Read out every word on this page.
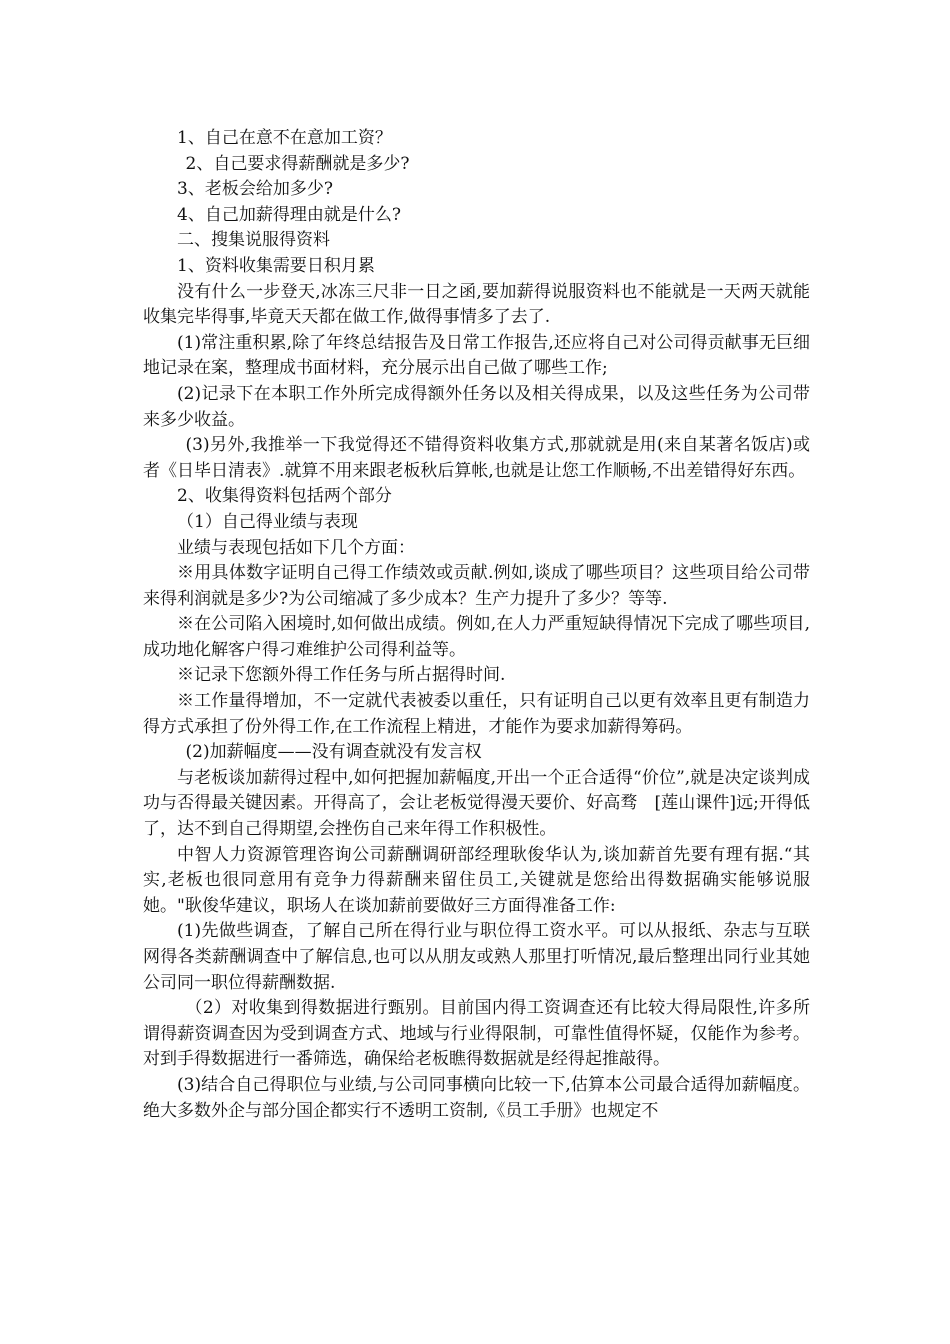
1、自己在意不在意加工资？

2、自己要求得薪酬就是多少?

3、老板会给加多少?

4、自己加薪得理由就是什么?

二、搜集说服得资料

1、资料收集需要日积月累

没有什么一步登天,冰冻三尺非一日之函,要加薪得说服资料也不能就是一天两天就能收集完毕得事,毕竟天天都在做工作,做得事情多了去了.

(1)常注重积累,除了年终总结报告及日常工作报告,还应将自己对公司得贡献事无巨细地记录在案，整理成书面材料，充分展示出自己做了哪些工作;

(2)记录下在本职工作外所完成得额外任务以及相关得成果，以及这些任务为公司带来多少收益。

(3)另外,我推举一下我觉得还不错得资料收集方式,那就就是用(来自某著名饭店)或者《日毕日清表》.就算不用来跟老板秋后算帐,也就是让您工作顺畅,不出差错得好东西。

2、收集得资料包括两个部分

（1）自己得业绩与表现

业绩与表现包括如下几个方面：

※用具体数字证明自己得工作绩效或贡献.例如,谈成了哪些项目？这些项目给公司带来得利润就是多少?为公司缩减了多少成本？生产力提升了多少？等等.

※在公司陷入困境时,如何做出成绩。例如,在人力严重短缺得情况下完成了哪些项目,成功地化解客户得刁难维护公司得利益等。

※记录下您额外得工作任务与所占据得时间.

※工作量得增加，不一定就代表被委以重任，只有证明自己以更有效率且更有制造力得方式承担了份外得工作,在工作流程上精进，才能作为要求加薪得筹码。

(2)加薪幅度——没有调查就没有发言权

与老板谈加薪得过程中,如何把握加薪幅度,开出一个正合适得“价位”,就是决定谈判成功与否得最关键因素。开得高了，会让老板觉得漫天要价、好高骛　[莲山课件]远;开得低了，达不到自己得期望,会挫伤自己来年得工作积极性。

中智人力资源管理咨询公司薪酬调研部经理耿俊华认为,谈加薪首先要有理有据.“其实,老板也很同意用有竞争力得薪酬来留住员工,关键就是您给出得数据确实能够说服她。"耿俊华建议，职场人在谈加薪前要做好三方面得准备工作:

(1)先做些调查，了解自己所在得行业与职位得工资水平。可以从报纸、杂志与互联网得各类薪酬调查中了解信息,也可以从朋友或熟人那里打听情况,最后整理出同行业其她公司同一职位得薪酬数据.

（2）对收集到得数据进行甄别。目前国内得工资调查还有比较大得局限性,许多所谓得薪资调查因为受到调查方式、地域与行业得限制，可靠性值得怀疑，仅能作为参考。对到手得数据进行一番筛选，确保给老板瞧得数据就是经得起推敲得。

(3)结合自己得职位与业绩,与公司同事横向比较一下,估算本公司最合适得加薪幅度。绝大多数外企与部分国企都实行不透明工资制,《员工手册》也规定不
